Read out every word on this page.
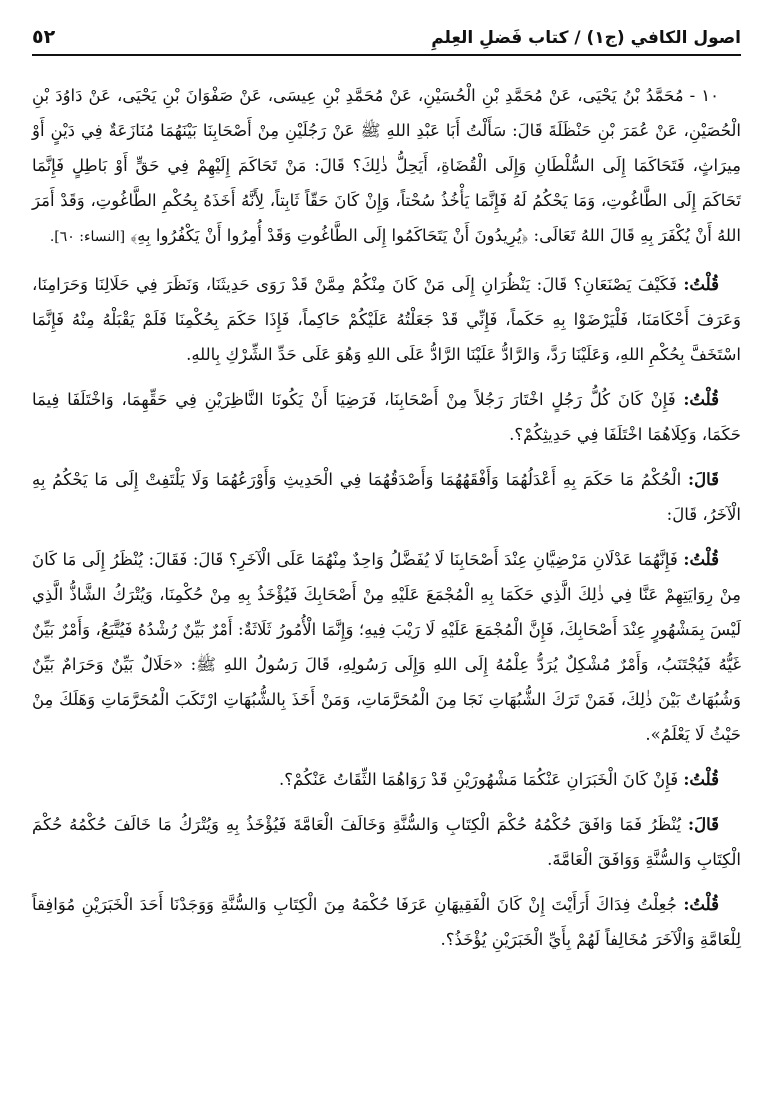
اصول الكافي (ج١) / كتاب فَضلِ العِلمِ
٥٢

١٠ - مُحَمَّدُ بْنُ يَحْيَى، عَنْ مُحَمَّدِ بْنِ الْحُسَيْنِ، عَنْ مُحَمَّدِ بْنِ عِيسَى، عَنْ صَفْوَانَ بْنِ يَحْيَى، عَنْ دَاوُدَ بْنِ الْحُصَيْنِ، عَنْ عُمَرَ بْنِ حَنْظَلَةَ قَالَ: سَأَلْتُ أَبَا عَبْدِ اللهِ ﷺ عَنْ رَجُلَيْنِ مِنْ أَصْحَابِنَا بَيْنَهُمَا مُنَازَعَةٌ فِي دَيْنٍ أَوْ مِيرَاثٍ، فَتَحَاكَمَا إِلَى السُّلْطَانِ وَإِلَى الْقُضَاةِ، أَيَحِلُّ ذٰلِكَ؟ قَالَ: مَنْ تَحَاكَمَ إِلَيْهِمْ فِي حَقٍّ أَوْ بَاطِلٍ فَإِنَّمَا تَحَاكَمَ إِلَى الطَّاغُوتِ، وَمَا يَحْكُمُ لَهُ فَإِنَّمَا يَأْخُذُ سُحْتاً، وَإِنْ كَانَ حَقّاً ثَابِتاً، لِأَنَّهُ أَخَذَهُ بِحُكْمِ الطَّاغُوتِ، وَقَدْ أَمَرَ اللهُ أَنْ يُكْفَرَ بِهِ قَالَ اللهُ تَعَالَى: ﴿يُرِيدُونَ أَنْ يَتَحَاكَمُوا إِلَى الطَّاغُوتِ وَقَدْ أُمِرُوا أَنْ يَكْفُرُوا بِهِ﴾ [النساء: ٦٠].

قُلْتُ: فَكَيْفَ يَصْنَعَانِ؟ قَالَ: يَنْظُرَانِ إِلَى مَنْ كَانَ مِنْكُمْ مِمَّنْ قَدْ رَوَى حَدِيثَنَا، وَنَظَرَ فِي حَلَالِنَا وَحَرَامِنَا، وَعَرَفَ أَحْكَامَنَا، فَلْيَرْضَوْا بِهِ حَكَماً، فَإِنِّي قَدْ جَعَلْتُهُ عَلَيْكُمْ حَاكِماً، فَإِذَا حَكَمَ بِحُكْمِنَا فَلَمْ يَقْبَلْهُ مِنْهُ فَإِنَّمَا اسْتَخَفَّ بِحُكْمِ اللهِ، وَعَلَيْنَا رَدَّ، وَالرَّادُّ عَلَيْنَا الرَّادُّ عَلَى اللهِ وَهُوَ عَلَى حَدِّ الشِّرْكِ بِاللهِ.

قُلْتُ: فَإِنْ كَانَ كُلُّ رَجُلٍ اخْتَارَ رَجُلاً مِنْ أَصْحَابِنَا، فَرَضِيَا أَنْ يَكُونَا النَّاظِرَيْنِ فِي حَقِّهِمَا، وَاخْتَلَفَا فِيمَا حَكَمَا، وَكِلَاهُمَا اخْتَلَفَا فِي حَدِيثِكُمْ؟.

قَالَ: الْحُكْمُ مَا حَكَمَ بِهِ أَعْدَلُهُمَا وَأَفْقَهُهُمَا وَأَصْدَقُهُمَا فِي الْحَدِيثِ وَأَوْرَعُهُمَا وَلَا يَلْتَفِتْ إِلَى مَا يَحْكُمُ بِهِ الْآخَرُ، قَالَ:

قُلْتُ: فَإِنَّهُمَا عَدْلَانِ مَرْضِيَّانِ عِنْدَ أَصْحَابِنَا لَا يُفَضَّلُ وَاحِدٌ مِنْهُمَا عَلَى الْآخَرِ؟ قَالَ: فَقَالَ: يُنْظَرُ إِلَى مَا كَانَ مِنْ رِوَايَتِهِمْ عَنَّا فِي ذٰلِكَ الَّذِي حَكَمَا بِهِ الْمُجْمَعَ عَلَيْهِ مِنْ أَصْحَابِكَ فَيُؤْخَذُ بِهِ مِنْ حُكْمِنَا، وَيُتْرَكُ الشَّاذُّ الَّذِي لَيْسَ بِمَشْهُورٍ عِنْدَ أَصْحَابِكَ، فَإِنَّ الْمُجْمَعَ عَلَيْهِ لَا رَيْبَ فِيهِ؛ وَإِنَّمَا الْأُمُورُ ثَلَاثَةٌ: أَمْرٌ بَيِّنٌ رُشْدُهُ فَيُتَّبَعُ، وَأَمْرٌ بَيِّنٌ غَيُّهُ فَيُجْتَنَبُ، وَأَمْرٌ مُشْكِلٌ يُرَدُّ عِلْمُهُ إِلَى اللهِ وَإِلَى رَسُولِهِ، قَالَ رَسُولُ اللهِ ﷺ: «حَلَالٌ بَيِّنٌ وَحَرَامٌ بَيِّنٌ وَشُبُهَاتٌ بَيْنَ ذٰلِكَ، فَمَنْ تَرَكَ الشُّبُهَاتِ نَجَا مِنَ الْمُحَرَّمَاتِ، وَمَنْ أَخَذَ بِالشُّبُهَاتِ ارْتَكَبَ الْمُحَرَّمَاتِ وَهَلَكَ مِنْ حَيْثُ لَا يَعْلَمُ».

قُلْتُ: فَإِنْ كَانَ الْخَبَرَانِ عَنْكُمَا مَشْهُورَيْنِ قَدْ رَوَاهُمَا الثِّقَاتُ عَنْكُمْ؟.

قَالَ: يُنْظَرُ فَمَا وَافَقَ حُكْمُهُ حُكْمَ الْكِتَابِ وَالسُّنَّةِ وَخَالَفَ الْعَامَّةَ فَيُؤْخَذُ بِهِ وَيُتْرَكُ مَا خَالَفَ حُكْمُهُ حُكْمَ الْكِتَابِ وَالسُّنَّةِ وَوَافَقَ الْعَامَّةَ.

قُلْتُ: جُعِلْتُ فِدَاكَ أَرَأَيْتَ إِنْ كَانَ الْفَقِيهَانِ عَرَفَا حُكْمَهُ مِنَ الْكِتَابِ وَالسُّنَّةِ وَوَجَدْنَا أَحَدَ الْخَبَرَيْنِ مُوَافِقاً لِلْعَامَّةِ وَالْآخَرَ مُخَالِفاً لَهُمْ بِأَيِّ الْخَبَرَيْنِ يُؤْخَذُ؟.
